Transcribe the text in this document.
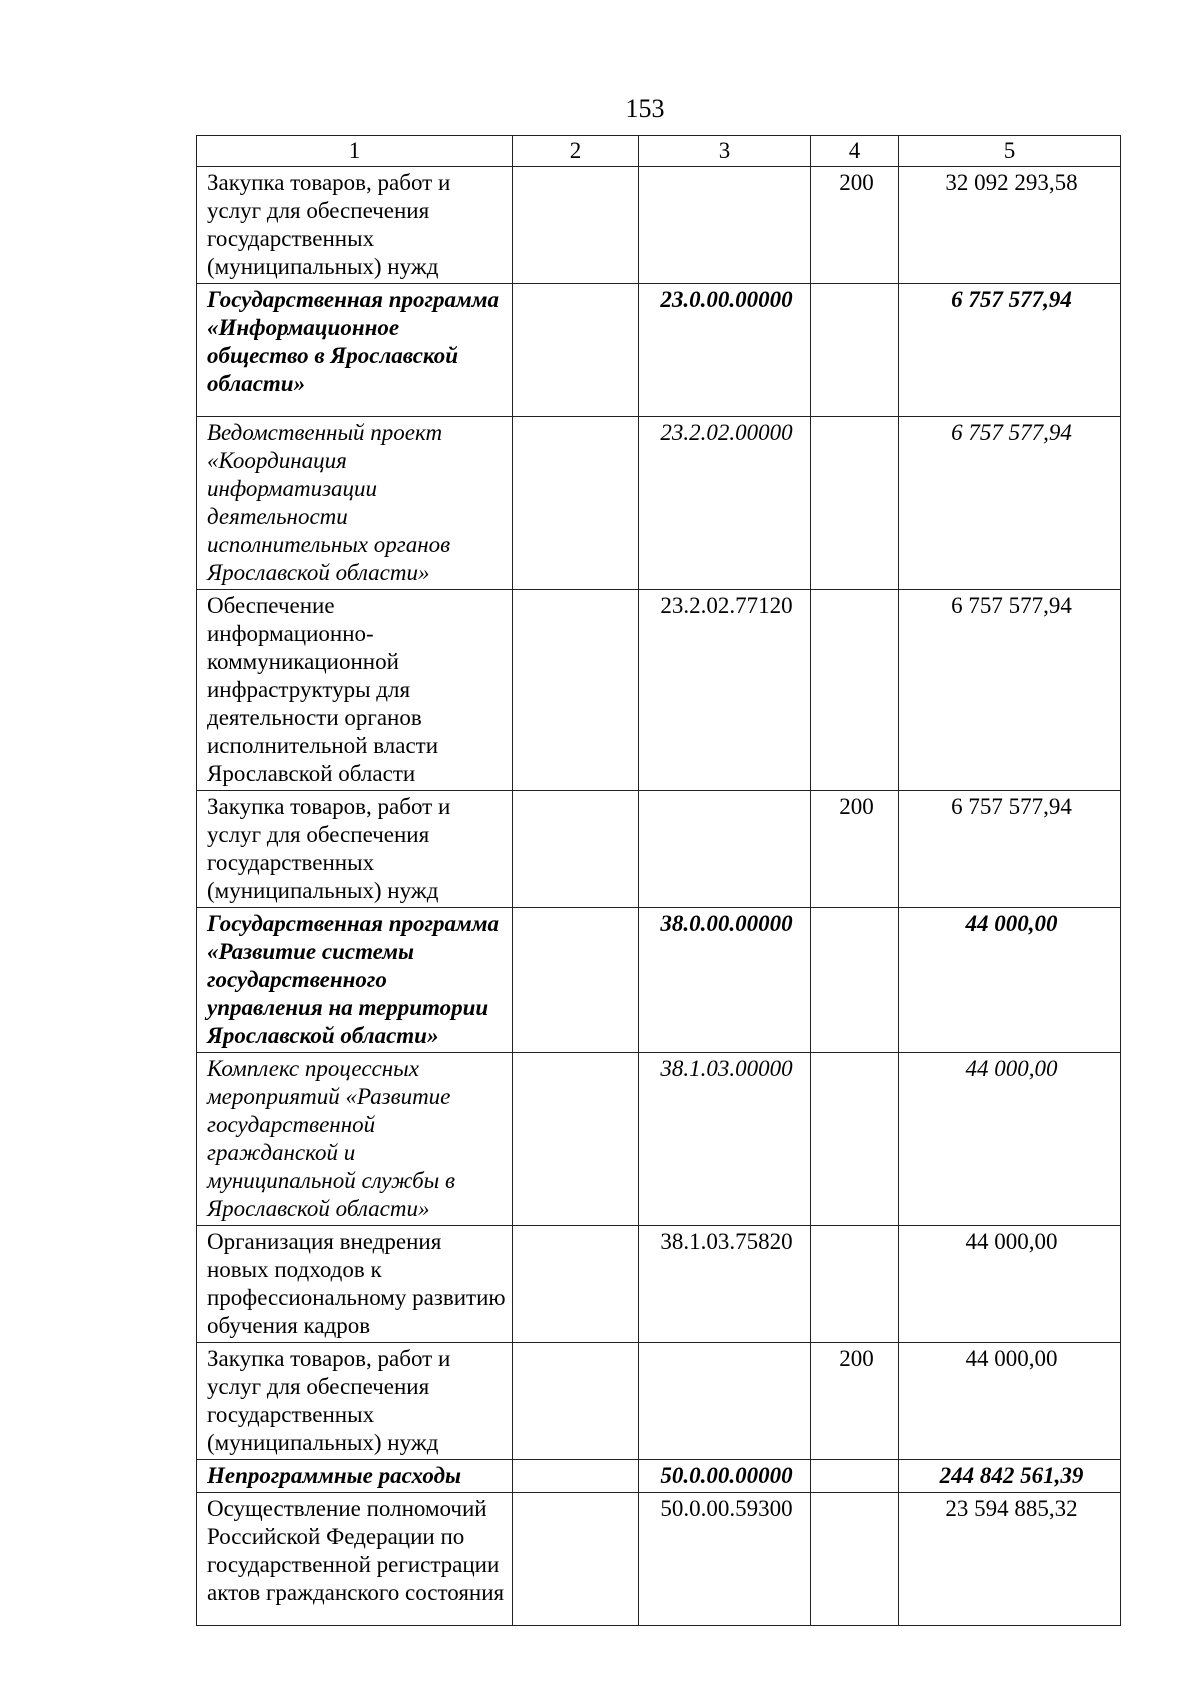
153
1	2	3	4	5
Закупка товаров, работ и услуг для обеспечения государственных (муниципальных) нужд			200	32 092 293,58
Государственная программа «Информационное общество в Ярославской области»		23.0.00.00000		6 757 577,94
Ведомственный проект «Координация информатизации деятельности исполнительных органов Ярославской области»		23.2.02.00000		6 757 577,94
Обеспечение информационно-коммуникационной инфраструктуры для деятельности органов исполнительной власти Ярославской области		23.2.02.77120		6 757 577,94
Закупка товаров, работ и услуг для обеспечения государственных (муниципальных) нужд			200	6 757 577,94
Государственная программа «Развитие системы государственного управления на территории Ярославской области»		38.0.00.00000		44 000,00
Комплекс процессных мероприятий «Развитие государственной гражданской и муниципальной службы в Ярославской области»		38.1.03.00000		44 000,00
Организация внедрения новых подходов к профессиональному развитию обучения кадров		38.1.03.75820		44 000,00
Закупка товаров, работ и услуг для обеспечения государственных (муниципальных) нужд			200	44 000,00
Непрограммные расходы		50.0.00.00000		244 842 561,39
Осуществление полномочий Российской Федерации по государственной регистрации актов гражданского состояния		50.0.00.59300		23 594 885,32
